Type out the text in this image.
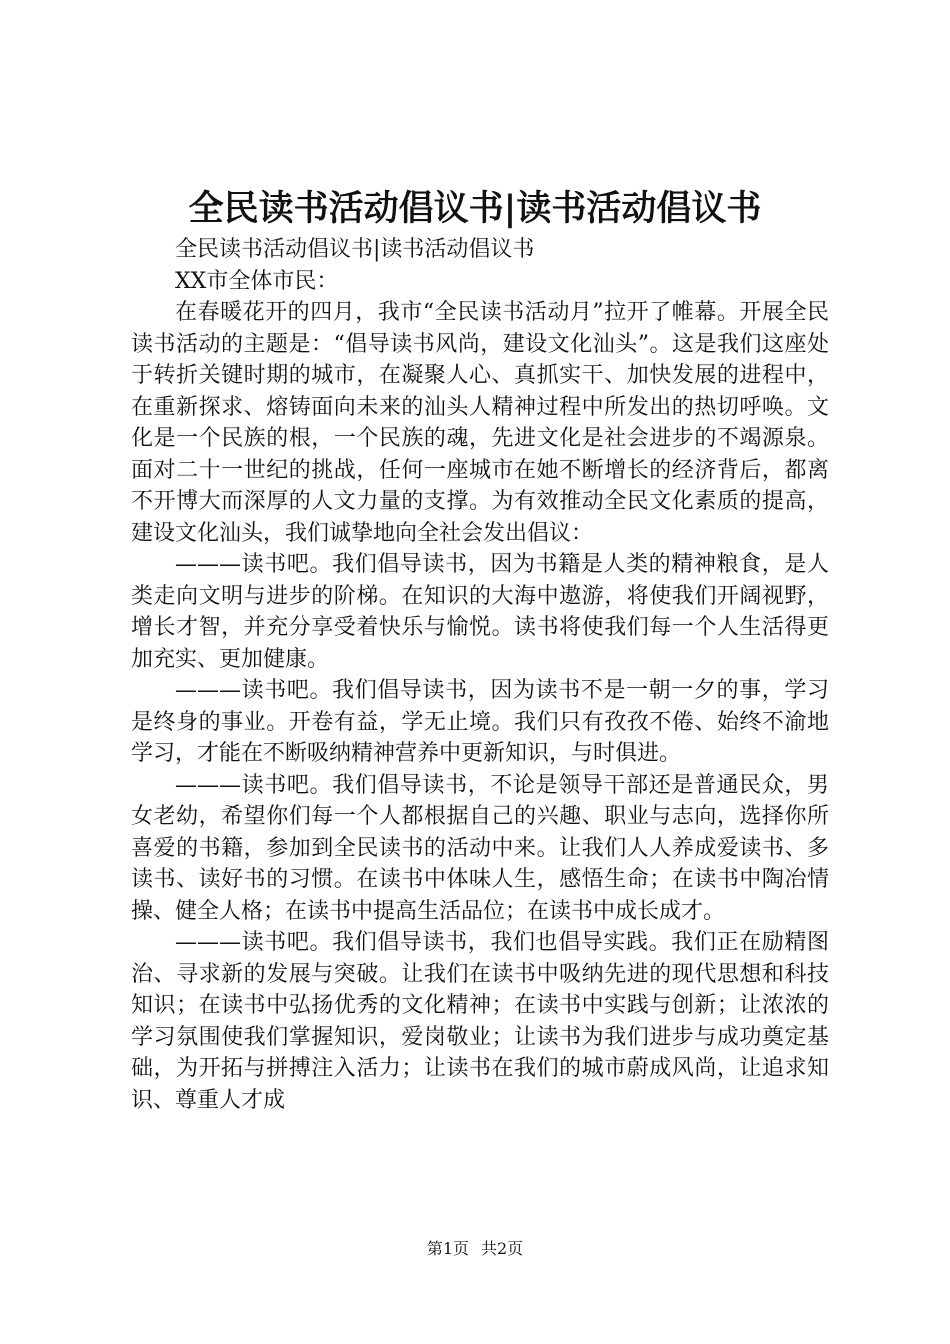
全民读书活动倡议书|读书活动倡议书

全民读书活动倡议书|读书活动倡议书

XX市全体市民：

在春暖花开的四月，我市“全民读书活动月”拉开了帷幕。开展全民读书活动的主题是：“倡导读书风尚，建设文化汕头”。这是我们这座处于转折关键时期的城市，在凝聚人心、真抓实干、加快发展的进程中，在重新探求、熔铸面向未来的汕头人精神过程中所发出的热切呼唤。文化是一个民族的根，一个民族的魂，先进文化是社会进步的不竭源泉。面对二十一世纪的挑战，任何一座城市在她不断增长的经济背后，都离不开博大而深厚的人文力量的支撑。为有效推动全民文化素质的提高，建设文化汕头，我们诚挚地向全社会发出倡议：

———读书吧。我们倡导读书，因为书籍是人类的精神粮食，是人类走向文明与进步的阶梯。在知识的大海中遨游，将使我们开阔视野，增长才智，并充分享受着快乐与愉悦。读书将使我们每一个人生活得更加充实、更加健康。

———读书吧。我们倡导读书，因为读书不是一朝一夕的事，学习是终身的事业。开卷有益，学无止境。我们只有孜孜不倦、始终不渝地学习，才能在不断吸纳精神营养中更新知识，与时俱进。

———读书吧。我们倡导读书，不论是领导干部还是普通民众，男女老幼，希望你们每一个人都根据自己的兴趣、职业与志向，选择你所喜爱的书籍，参加到全民读书的活动中来。让我们人人养成爱读书、多读书、读好书的习惯。在读书中体味人生，感悟生命；在读书中陶冶情操、健全人格；在读书中提高生活品位；在读书中成长成才。

———读书吧。我们倡导读书，我们也倡导实践。我们正在励精图治、寻求新的发展与突破。让我们在读书中吸纳先进的现代思想和科技知识；在读书中弘扬优秀的文化精神；在读书中实践与创新；让浓浓的学习氛围使我们掌握知识，爱岗敬业；让读书为我们进步与成功奠定基础，为开拓与拼搏注入活力；让读书在我们的城市蔚成风尚，让追求知识、尊重人才成

第1页 共2页
